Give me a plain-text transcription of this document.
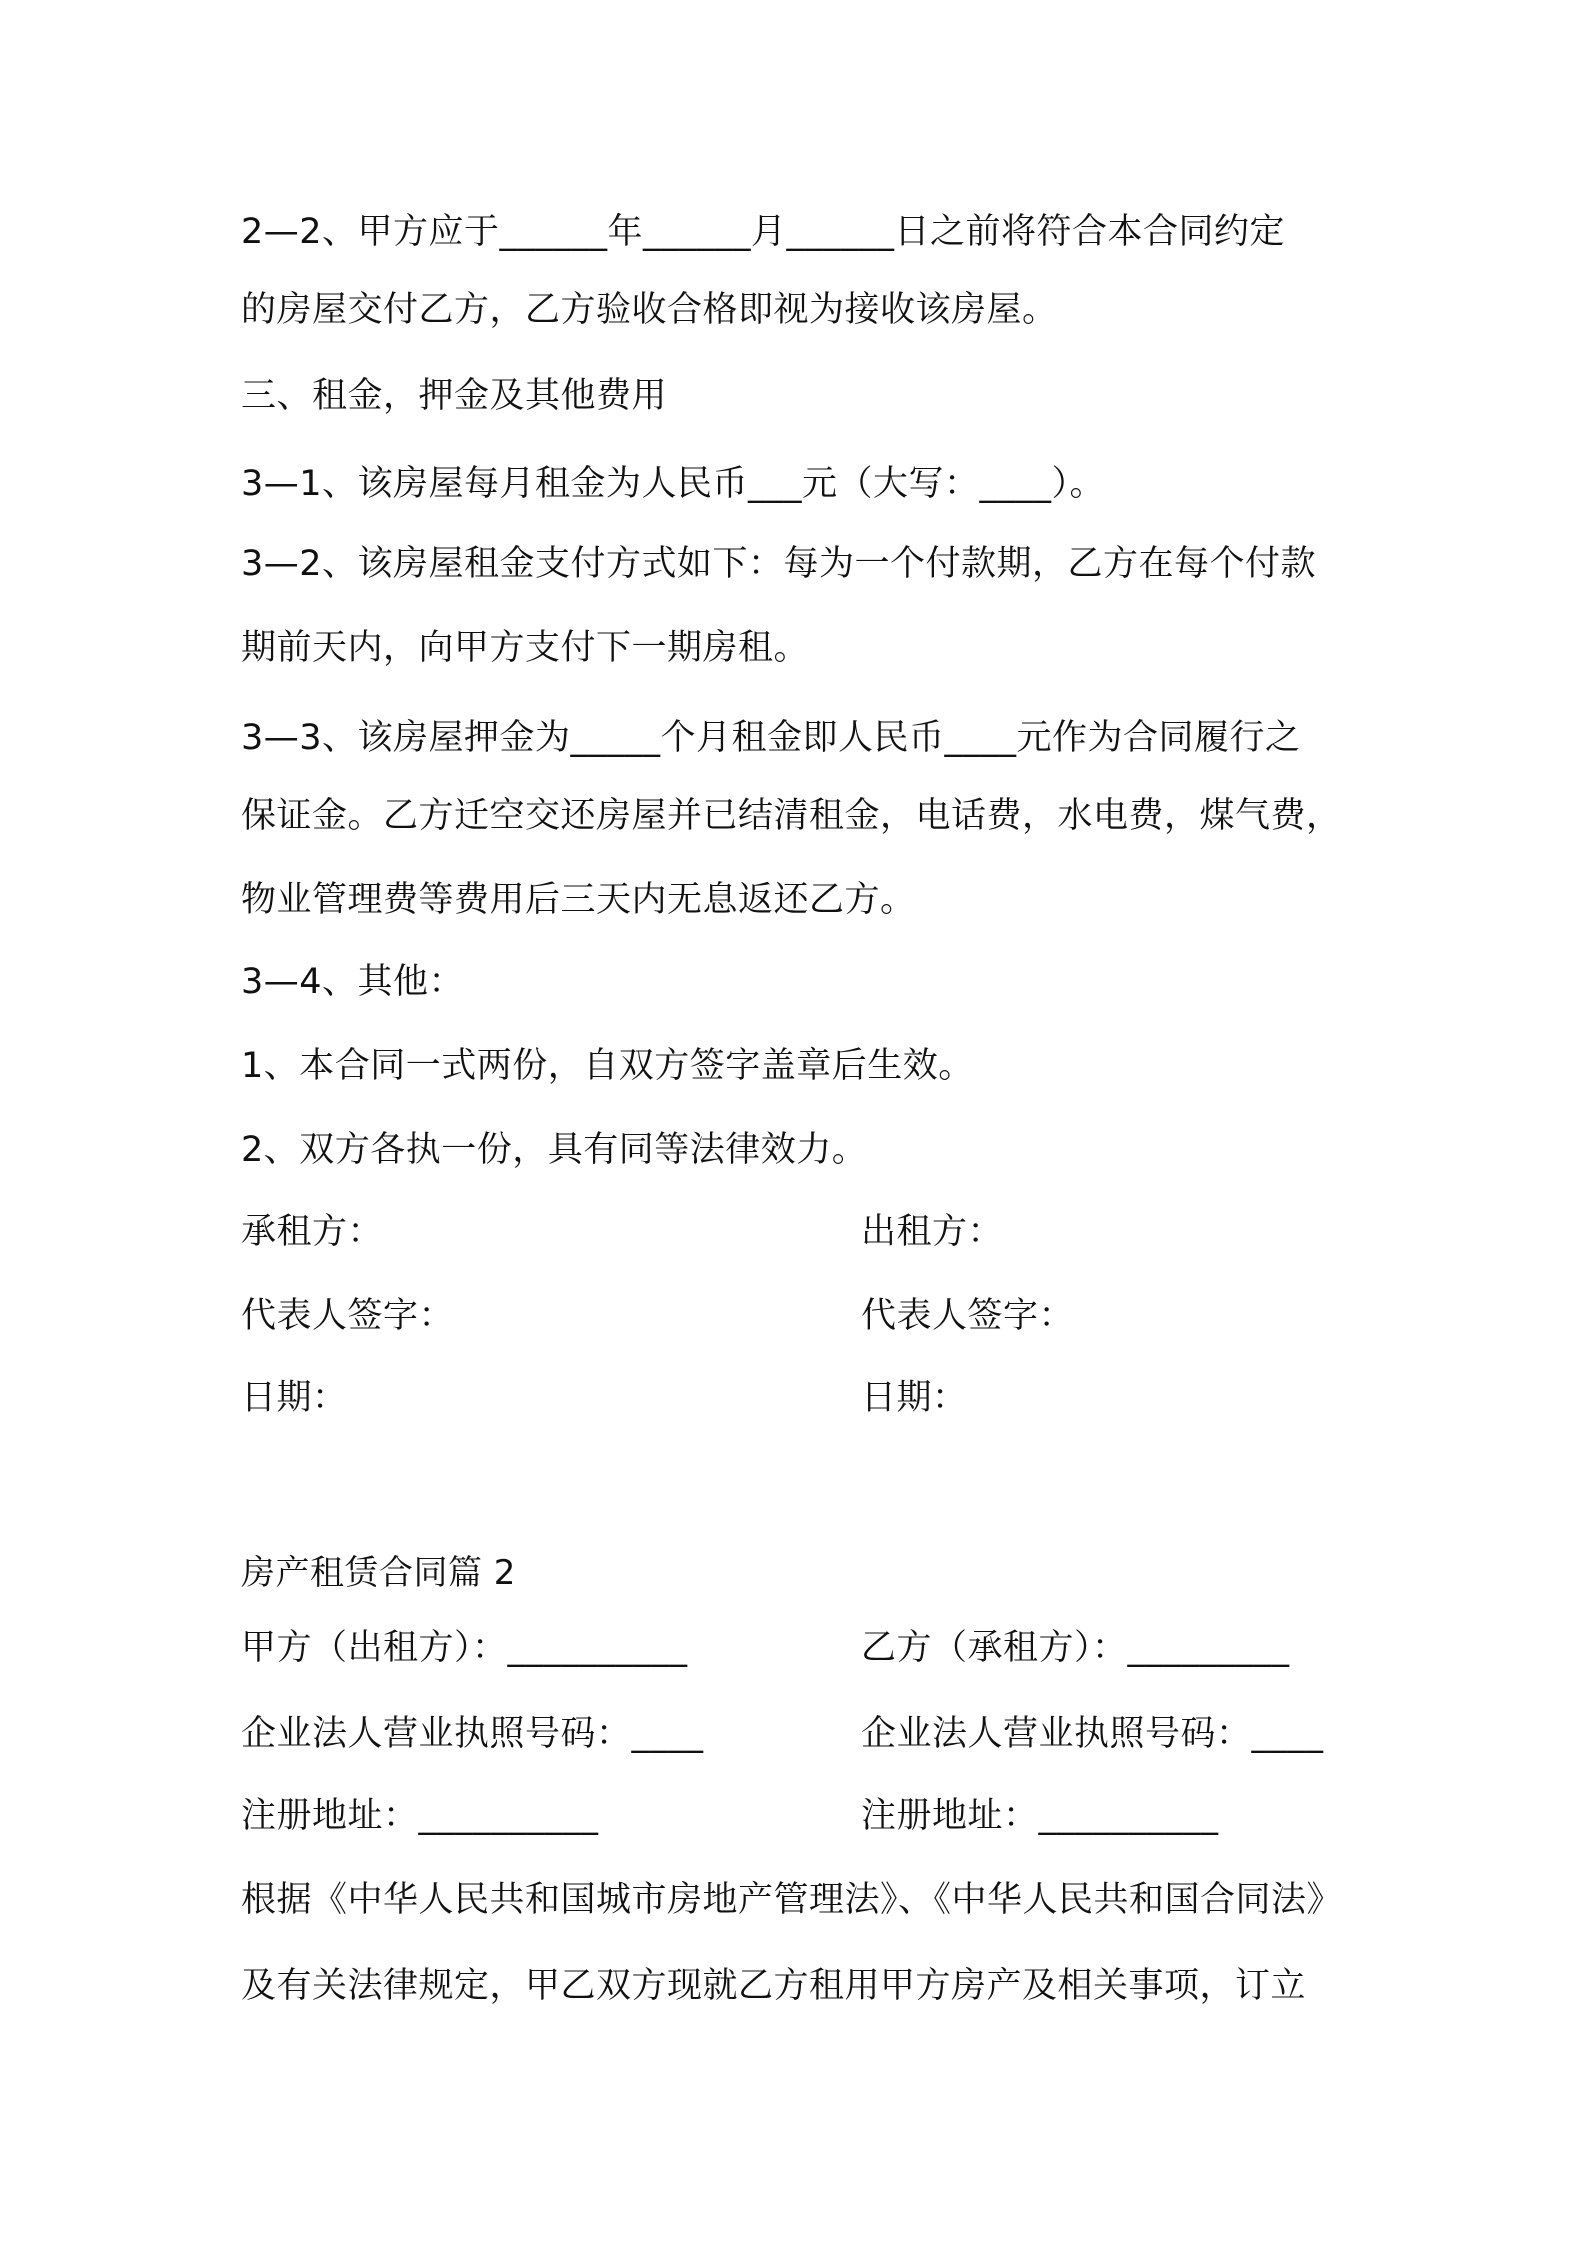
2—2、甲方应于______年______月______日之前将符合本合同约定
的房屋交付乙方，乙方验收合格即视为接收该房屋。
三、租金，押金及其他费用
3—1、该房屋每月租金为人民币___元（大写：____）。
3—2、该房屋租金支付方式如下：每为一个付款期，乙方在每个付款
期前天内，向甲方支付下一期房租。
3—3、该房屋押金为_____个月租金即人民币____元作为合同履行之
保证金。乙方迁空交还房屋并已结清租金，电话费，水电费，煤气费，
物业管理费等费用后三天内无息返还乙方。
3—4、其他：
1、本合同一式两份，自双方签字盖章后生效。
2、双方各执一份，具有同等法律效力。
承租方：	出租方：
代表人签字：	代表人签字：
日期：	日期：
房产租赁合同篇 2
甲方（出租方）：__________	乙方（承租方）：_________
企业法人营业执照号码：____	企业法人营业执照号码：____
注册地址：__________	注册地址：__________
根据《中华人民共和国城市房地产管理法》、《中华人民共和国合同法》
及有关法律规定，甲乙双方现就乙方租用甲方房产及相关事项，订立
